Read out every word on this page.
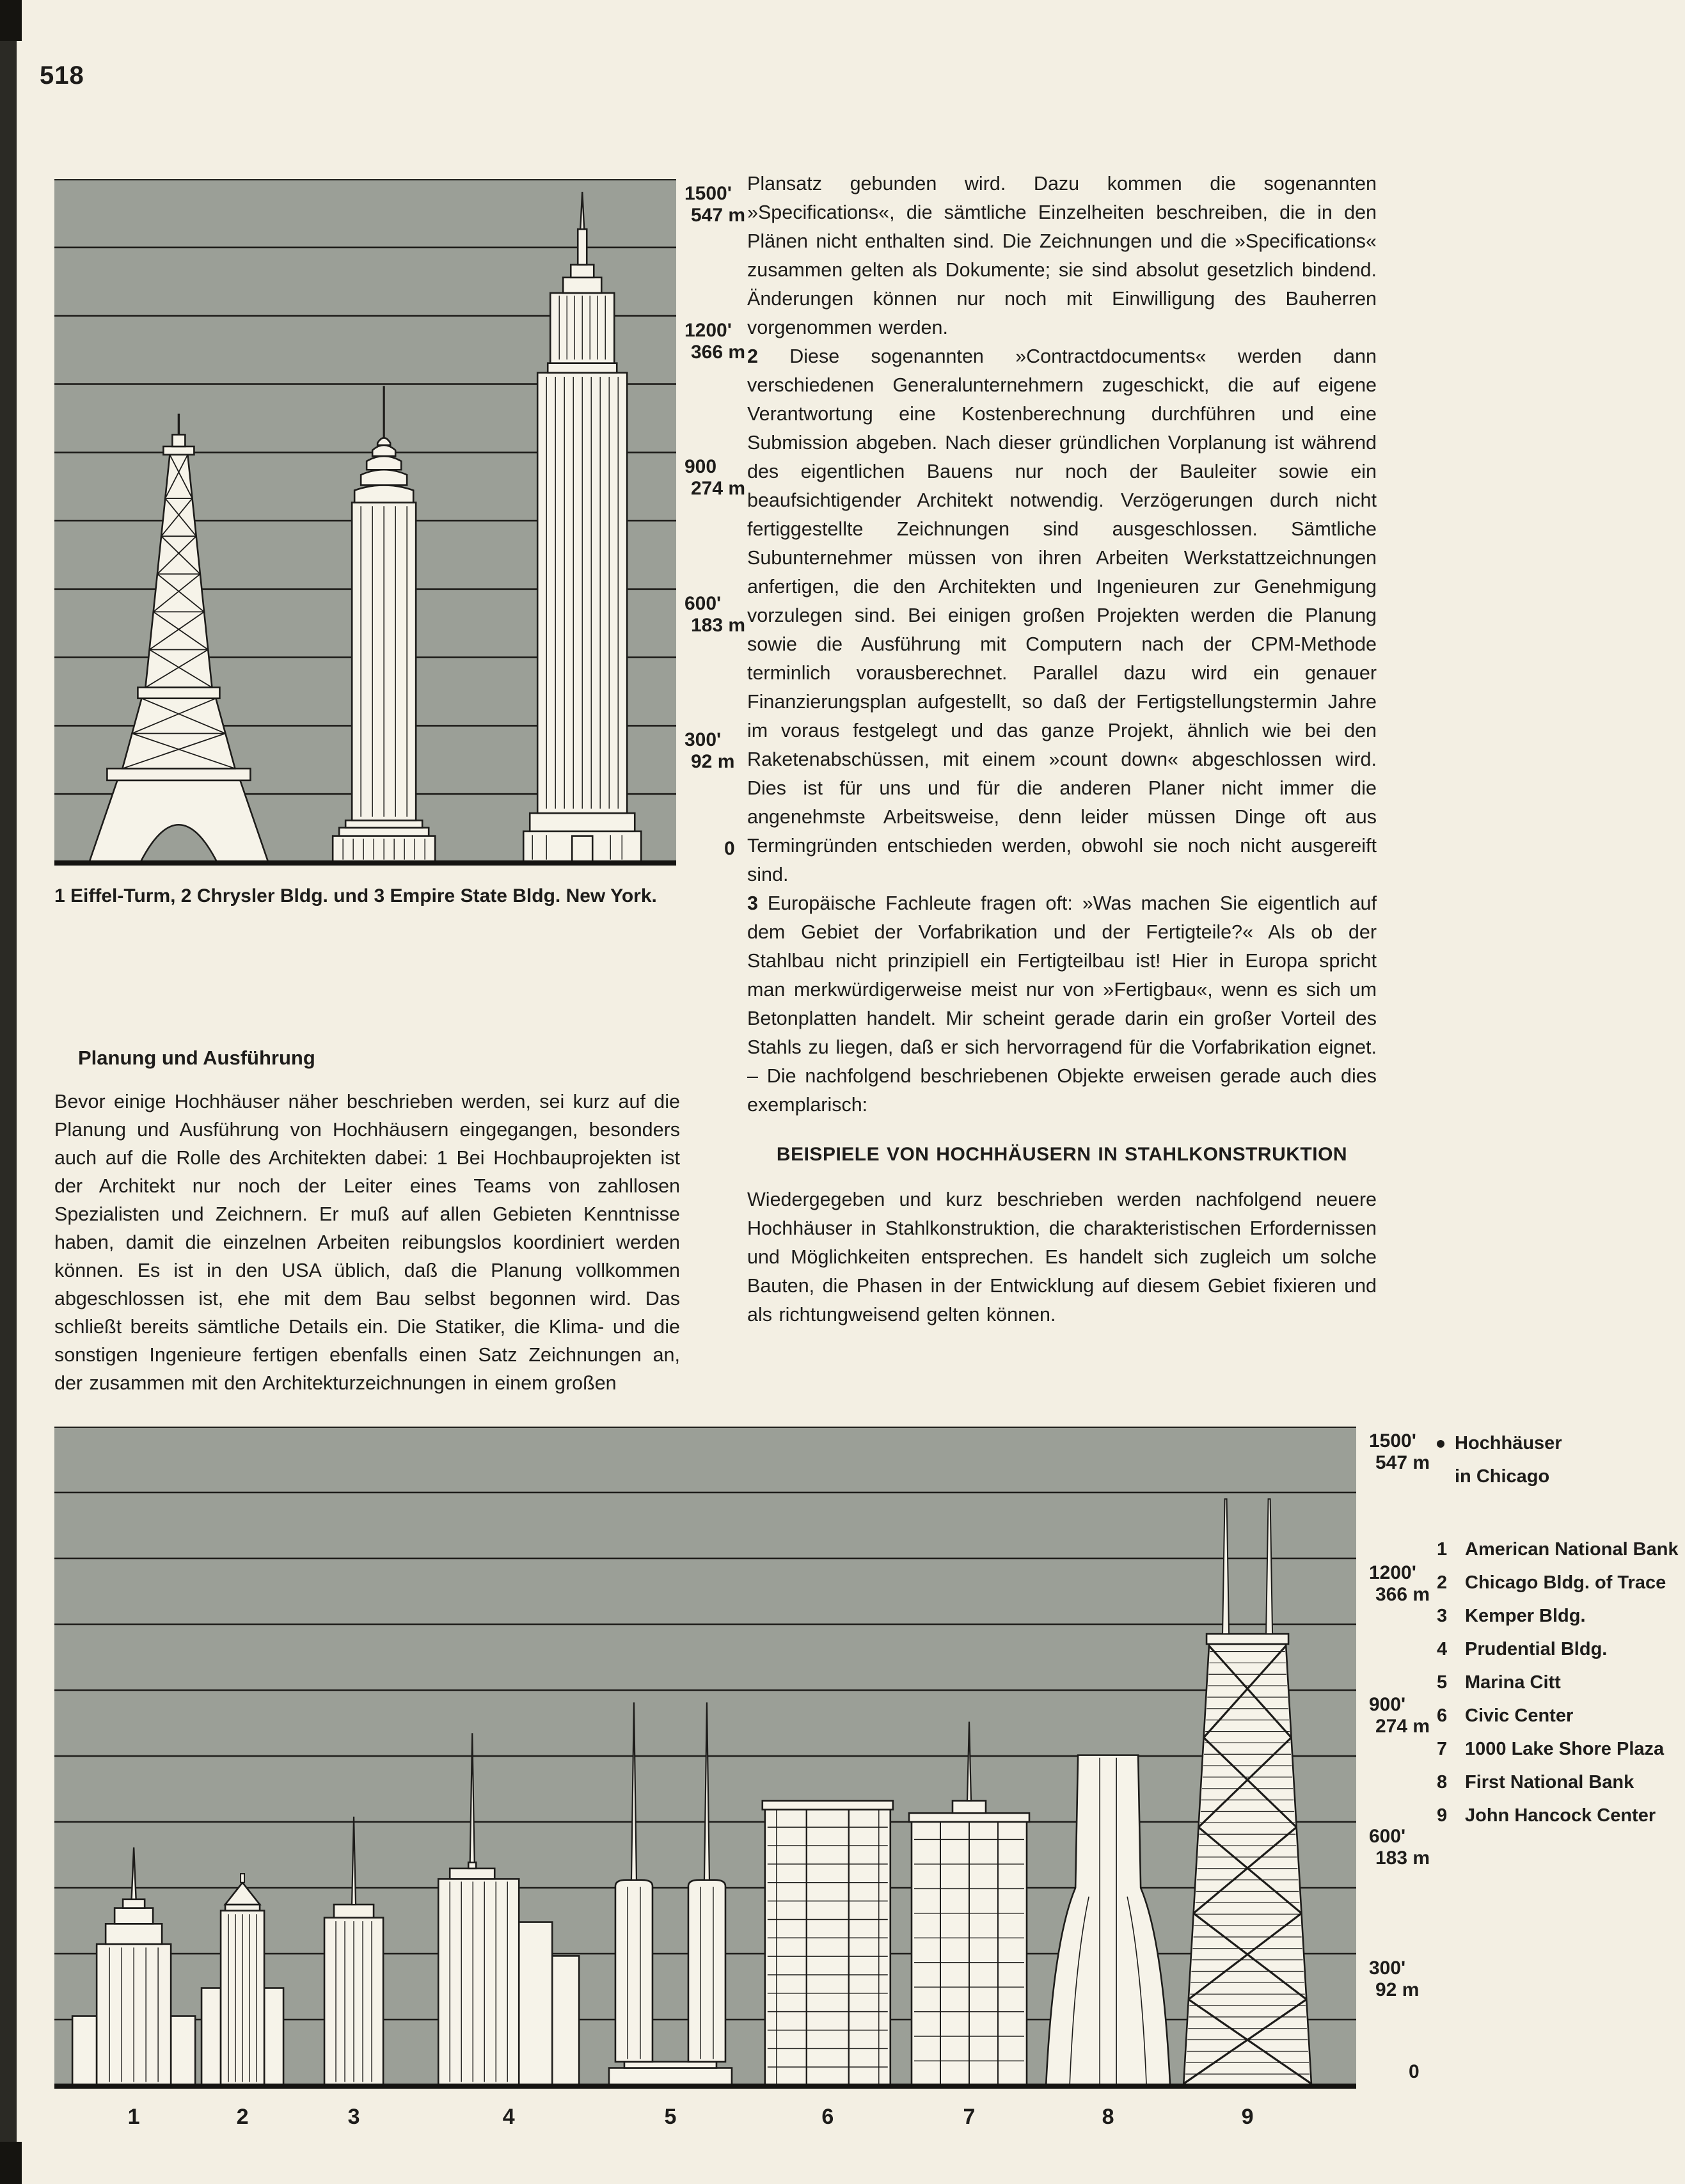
518
1500'
547 m
1200'
366 m
900
274 m
600'
183 m
300'
92 m
0
1 Eiffel-Turm, 2 Chrysler Bldg. und 3 Empire State Bldg. New York.
Planung und Ausführung
Bevor einige Hochhäuser näher beschrieben werden, sei kurz auf die Planung und Ausführung von Hochhäusern eingegangen, besonders auch auf die Rolle des Architekten dabei: 1 Bei Hochbauprojekten ist der Architekt nur noch der Leiter eines Teams von zahllosen Spezialisten und Zeichnern. Er muß auf allen Gebieten Kenntnisse haben, damit die einzelnen Arbeiten reibungslos koordiniert werden können. Es ist in den USA üblich, daß die Planung vollkommen abgeschlossen ist, ehe mit dem Bau selbst begonnen wird. Das schließt bereits sämtliche Details ein. Die Statiker, die Klima- und die sonstigen Ingenieure fertigen ebenfalls einen Satz Zeichnungen an, der zusammen mit den Architekturzeichnungen in einem großen

Plansatz gebunden wird. Dazu kommen die sogenannten »Specifications«, die sämtliche Einzelheiten beschreiben, die in den Plänen nicht enthalten sind. Die Zeichnungen und die »Specifications« zusammen gelten als Dokumente; sie sind absolut gesetzlich bindend. Änderungen können nur noch mit Einwilligung des Bauherren vorgenommen werden.

2 Diese sogenannten »Contractdocuments« werden dann verschiedenen Generalunternehmern zugeschickt, die auf eigene Verantwortung eine Kostenberechnung durchführen und eine Submission abgeben. Nach dieser gründlichen Vorplanung ist während des eigentlichen Bauens nur noch der Bauleiter sowie ein beaufsichtigender Architekt notwendig. Verzögerungen durch nicht fertiggestellte Zeichnungen sind ausgeschlossen. Sämtliche Subunternehmer müssen von ihren Arbeiten Werkstattzeichnungen anfertigen, die den Architekten und Ingenieuren zur Genehmigung vorzulegen sind. Bei einigen großen Projekten werden die Planung sowie die Ausführung mit Computern nach der CPM-Methode terminlich vorausberechnet. Parallel dazu wird ein genauer Finanzierungsplan aufgestellt, so daß der Fertigstellungstermin Jahre im voraus festgelegt und das ganze Projekt, ähnlich wie bei den Raketenabschüssen, mit einem »count down« abgeschlossen wird. Dies ist für uns und für die anderen Planer nicht immer die angenehmste Arbeitsweise, denn leider müssen Dinge oft aus Termingründen entschieden werden, obwohl sie noch nicht ausgereift sind.

3 Europäische Fachleute fragen oft: »Was machen Sie eigentlich auf dem Gebiet der Vorfabrikation und der Fertigteile?« Als ob der Stahlbau nicht prinzipiell ein Fertigteilbau ist! Hier in Europa spricht man merkwürdigerweise meist nur von »Fertigbau«, wenn es sich um Betonplatten handelt. Mir scheint gerade darin ein großer Vorteil des Stahls zu liegen, daß er sich hervorragend für die Vorfabrikation eignet. – Die nachfolgend beschriebenen Objekte erweisen gerade auch dies exemplarisch:

BEISPIELE VON HOCHHÄUSERN IN STAHLKONSTRUKTION

Wiedergegeben und kurz beschrieben werden nachfolgend neuere Hochhäuser in Stahlkonstruktion, die charakteristischen Erfordernissen und Möglichkeiten entsprechen. Es handelt sich zugleich um solche Bauten, die Phasen in der Entwicklung auf diesem Gebiet fixieren und als richtungweisend gelten können.

1500'
547 m
1200'
366 m
900'
274 m
600'
183 m
300'
92 m
0
Hochhäuser
in Chicago
1 American National Bank
2 Chicago Bldg. of Trace
3 Kemper Bldg.
4 Prudential Bldg.
5 Marina Citt
6 Civic Center
7 1000 Lake Shore Plaza
8 First National Bank
9 John Hancock Center
1	2	3	4	5	6	7	8	9
